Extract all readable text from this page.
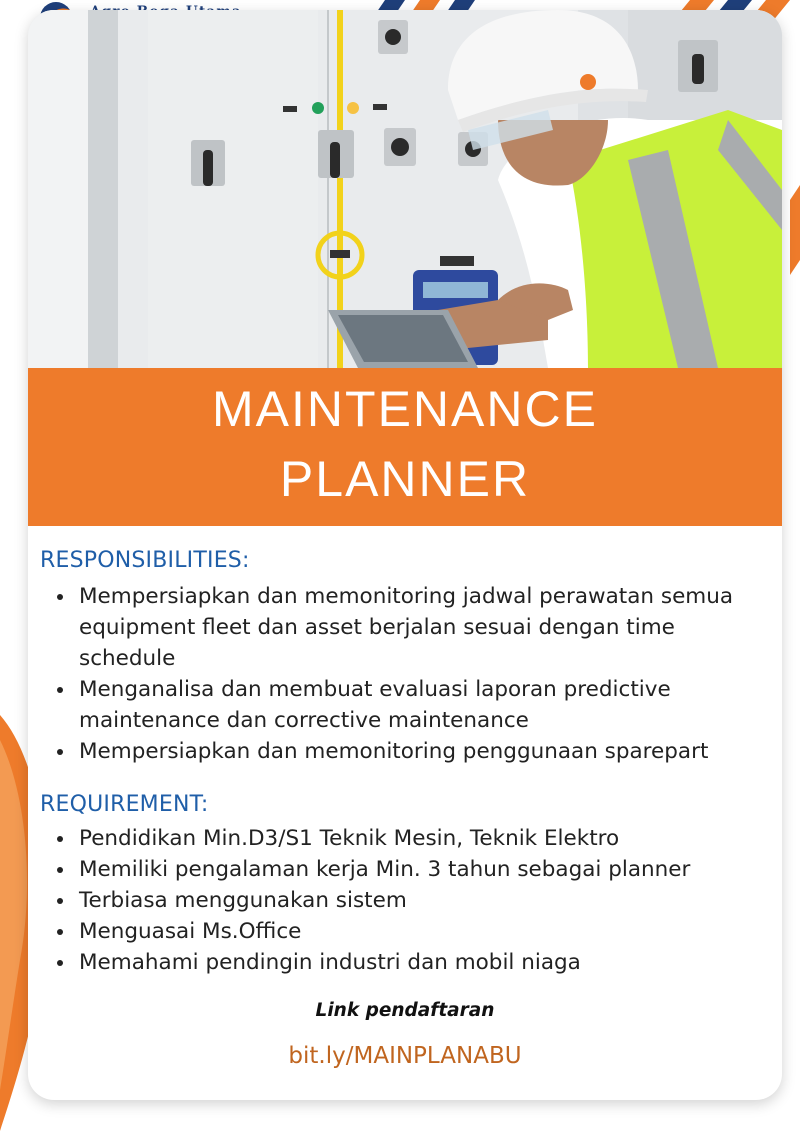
MAINTENANCE
PLANNER
RESPONSIBILITIES:
Mempersiapkan dan memonitoring jadwal perawatan semua equipment fleet dan asset berjalan sesuai dengan time schedule
Menganalisa dan membuat evaluasi laporan predictive maintenance dan corrective maintenance
Mempersiapkan dan memonitoring penggunaan sparepart
REQUIREMENT:
Pendidikan Min.D3/S1 Teknik Mesin, Teknik Elektro
Memiliki pengalaman kerja Min. 3 tahun sebagai planner
Terbiasa menggunakan sistem
Menguasai Ms.Office
Memahami pendingin industri dan mobil niaga
Link pendaftaran
bit.ly/MAINPLANABU
